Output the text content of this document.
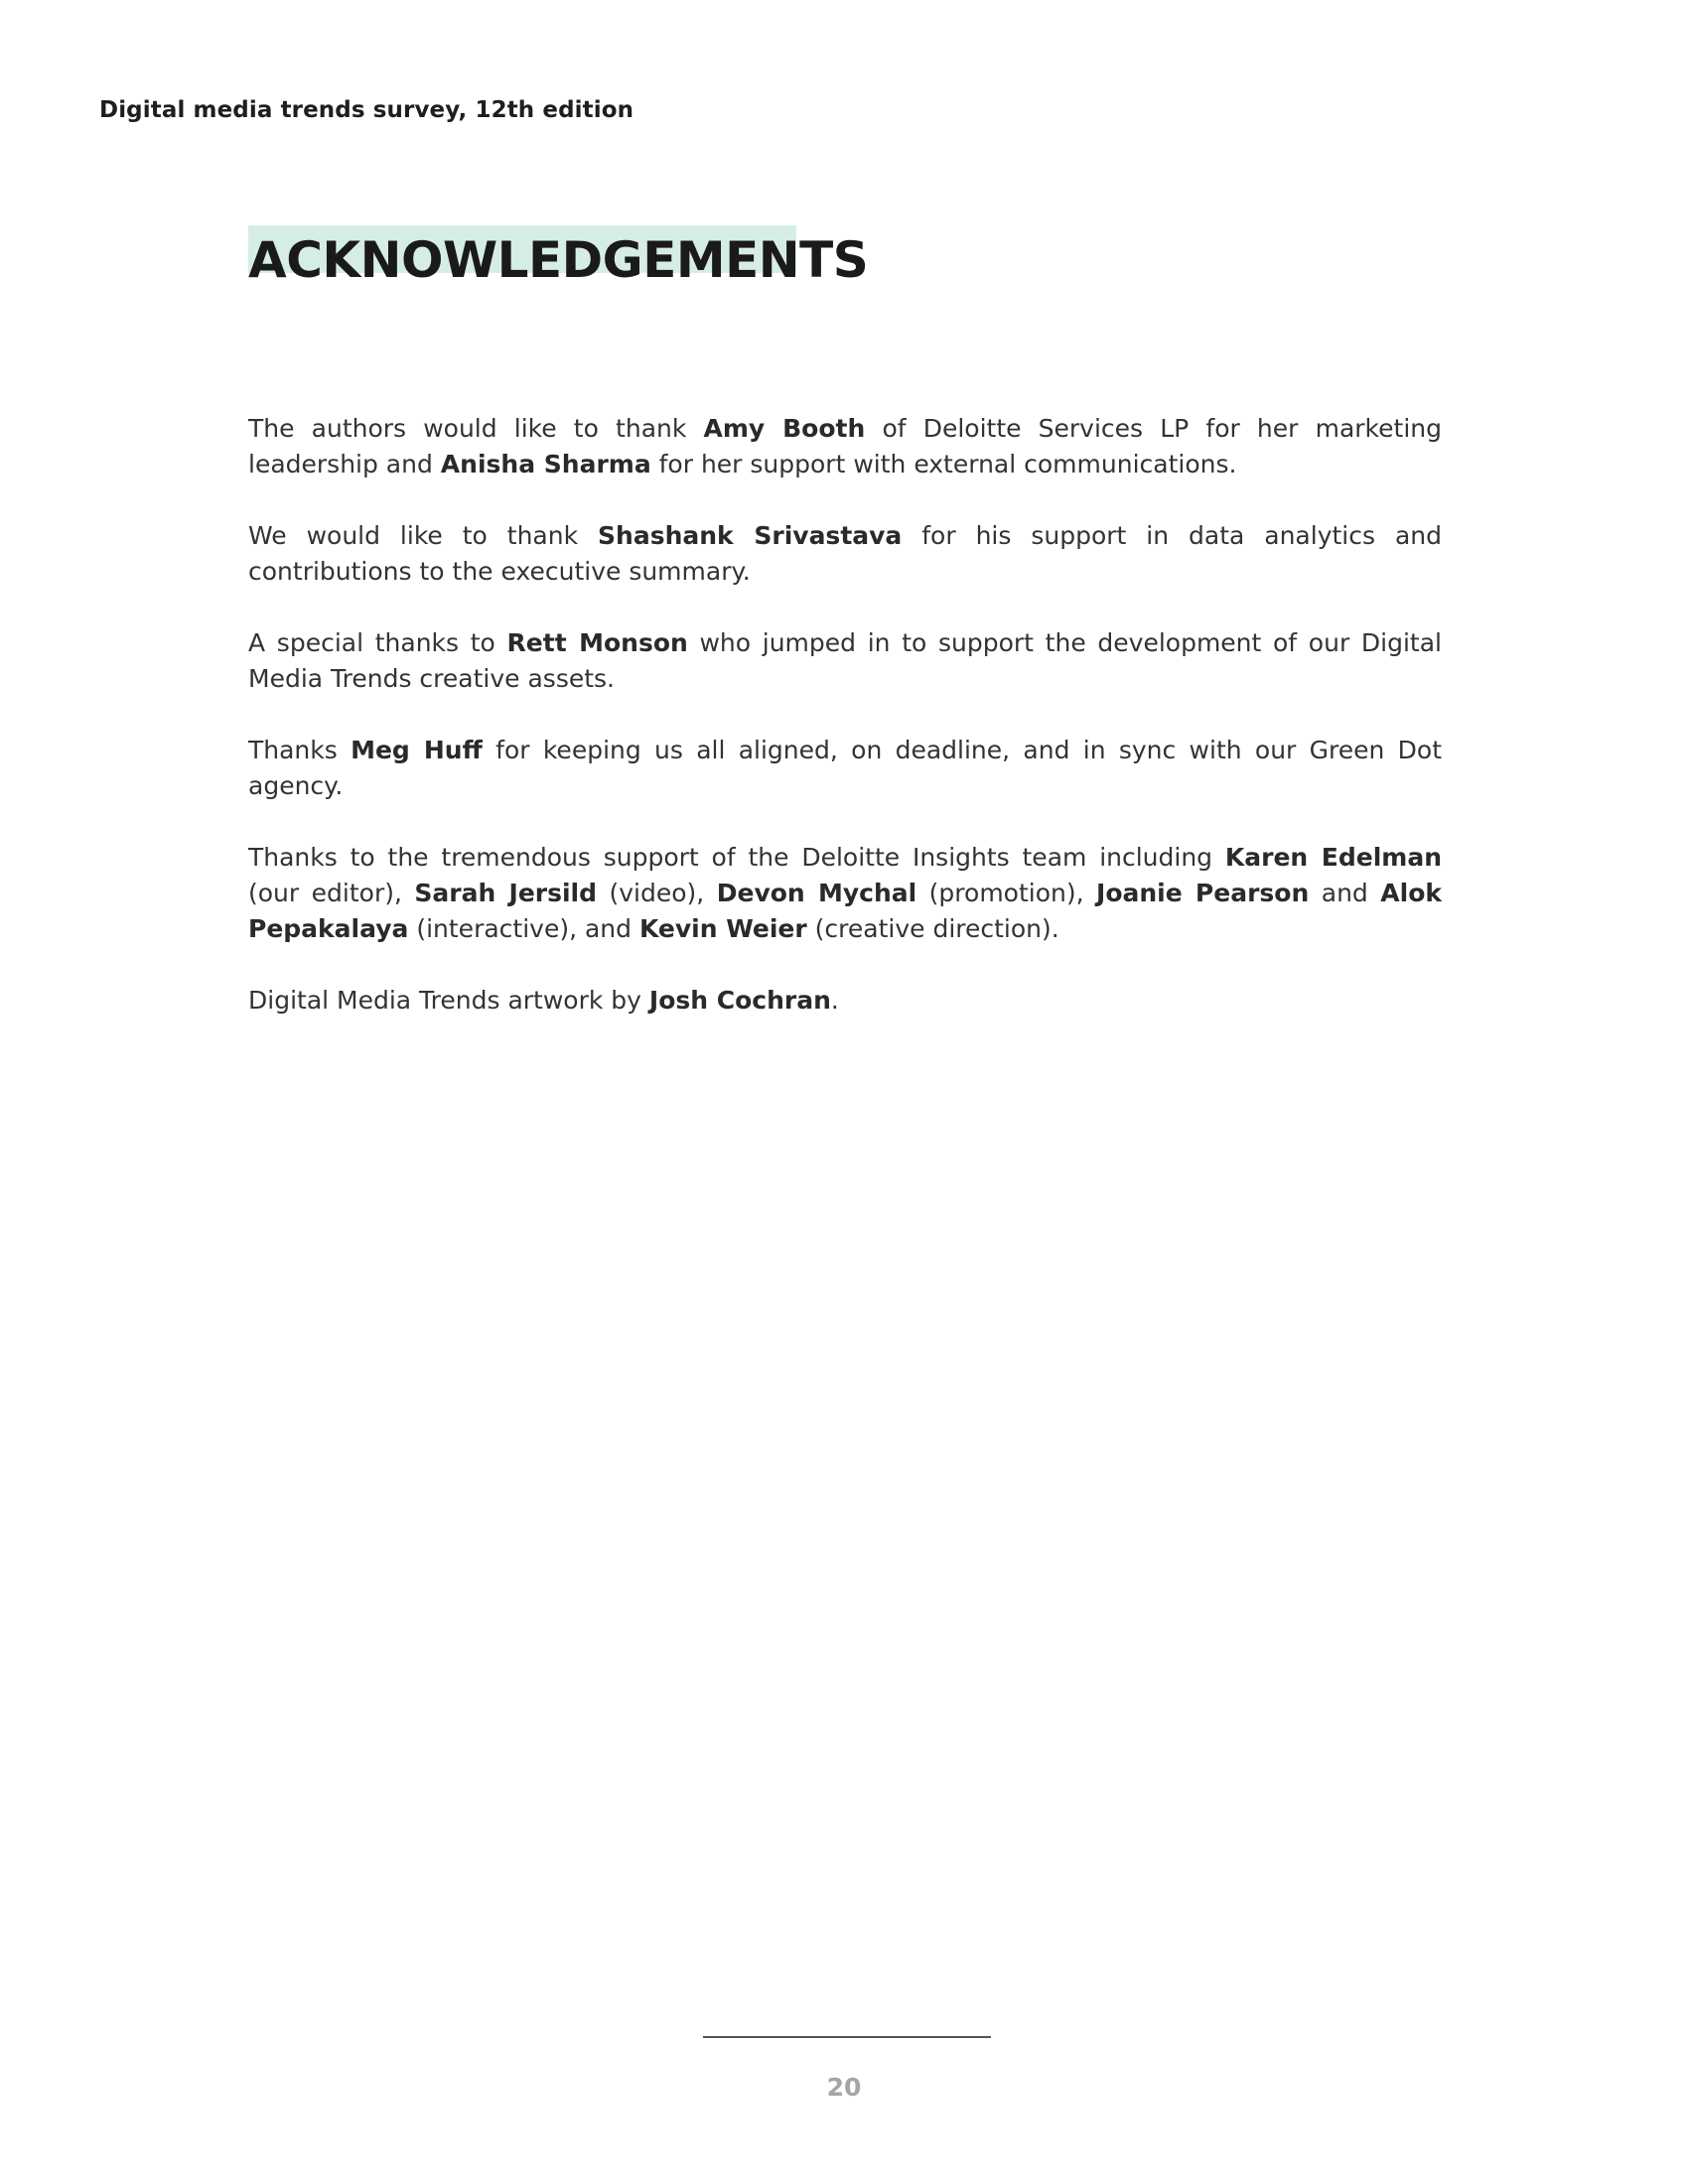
Digital media trends survey, 12th edition
ACKNOWLEDGEMENTS

The authors would like to thank Amy Booth of Deloitte Services LP for her marketing leadership and Anisha Sharma for her support with external communications.

We would like to thank Shashank Srivastava for his support in data analytics and contributions to the executive summary.

A special thanks to Rett Monson who jumped in to support the development of our Digital Media Trends creative assets.

Thanks Meg Huff for keeping us all aligned, on deadline, and in sync with our Green Dot agency.

Thanks to the tremendous support of the Deloitte Insights team including Karen Edelman (our editor), Sarah Jersild (video), Devon Mychal (promotion), Joanie Pearson and Alok Pepakalaya (interactive), and Kevin Weier (creative direction).

Digital Media Trends artwork by Josh Cochran.

20
